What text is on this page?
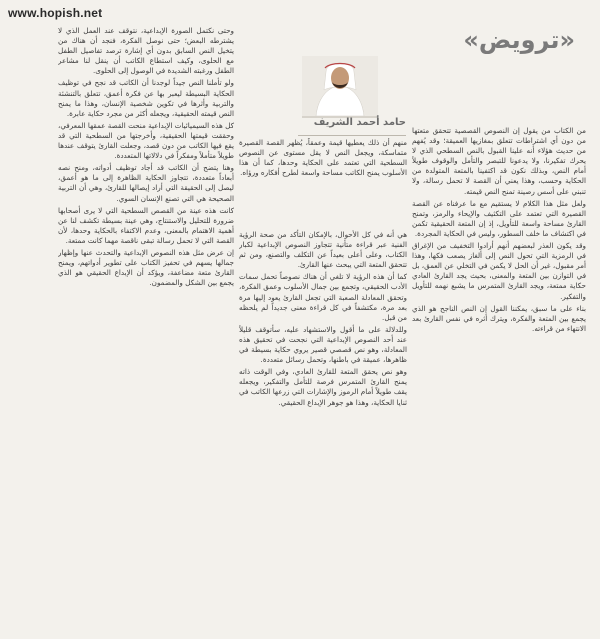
www.hopish.net
«ترويض»
حامد أحمد الشريف

من الكتاب من يقول إن النصوص القصصية تتحقق متعتها من دون أي اشتراطات تتعلق بمغازيها العميقة؛ وقد يُفهم من حديث هؤلاء أنه علينا القبول بالنص السطحي الذي لا يحرك تفكيرنا، ولا يدعونا للتبصر والتأمل والوقوف طويلاً أمام النص، وبذلك نكون قد اكتفينا بالمتعة المتولدة من الحكاية وحسب، وهذا يعني أن القصة لا تحمل رسالة، ولا تنبني على أسس رصينة تمنح النص قيمته.

ولعل مثل هذا الكلام لا يستقيم مع ما عرفناه عن القصة القصيرة التي تعتمد على التكثيف والإيحاء والرمز، وتمنح القارئ مساحة واسعة للتأويل، إذ إن المتعة الحقيقية تكمن في اكتشاف ما خلف السطور، وليس في الحكاية المجردة.

وقد يكون العذر لبعضهم أنهم أرادوا التخفيف من الإغراق في الرمزية التي تحول النص إلى ألغاز يصعب فكها، وهذا أمر مقبول، غير أن الحل لا يكمن في التخلي عن العمق، بل في التوازن بين المتعة والمعنى، بحيث يجد القارئ العادي حكاية ممتعة، ويجد القارئ المتمرس ما يشبع نهمه للتأويل والتفكير.

بناء على ما سبق، يمكننا القول إن النص الناجح هو الذي يجمع بين المتعة والفكرة، ويترك أثره في نفس القارئ بعد الانتهاء من قراءته.

منهم أن ذلك يعطيها قيمة وعمقاً، يُظهر القصة القصيرة متماسكة، ويجعل النص لا يقل مستوى عن النصوص السطحية التي تعتمد على الحكاية وحدها، كما أن هذا الأسلوب يمنح الكاتب مساحة واسعة لطرح أفكاره ورؤاه.

هي أنه في كل الأحوال، بالإمكان التأكد من صحة الرؤية الفنية عبر قراءة متأنية تتجاوز النصوص الإبداعية لكبار الكتاب، وعلى أعلى بعيداً عن التكلف والتصنع، ومن ثم تتحقق المتعة التي يبحث عنها القارئ.

كما أن هذه الرؤية لا تلغي أن هناك نصوصاً تحمل سمات الأدب الحقيقي، وتجمع بين جمال الأسلوب وعمق الفكرة، وتحقق المعادلة الصعبة التي تجعل القارئ يعود إليها مرة بعد مرة، مكتشفاً في كل قراءة معنى جديداً لم يلحظه من قبل.

وللدلالة على ما أقول والاستشهاد عليه، سأتوقف قليلاً عند أحد النصوص الإبداعية التي نجحت في تحقيق هذه المعادلة، وهو نص قصصي قصير يروي حكاية بسيطة في ظاهرها، عميقة في باطنها، وتحمل رسائل متعددة.

وهو نص يحقق المتعة للقارئ العادي، وفي الوقت ذاته يمنح القارئ المتمرس فرصة للتأمل والتفكير، ويجعله يقف طويلاً أمام الرموز والإشارات التي زرعها الكاتب في ثنايا الحكاية، وهذا هو جوهر الإبداع الحقيقي.

وحتى نكتمل الصورة الإبداعية، نتوقف عند العمل الذي لا يشترطه البعض؛ حتى نوصل الفكرة، فنجد أن هناك من يتخيل النص السابق بدون أي إشارة ترصد تفاصيل الطفل مع الحلوى، وكيف استطاع الكاتب أن ينقل لنا مشاعر الطفل ورغبته الشديدة في الوصول إلى الحلوى.

ولو تأملنا النص جيداً لوجدنا أن الكاتب قد نجح في توظيف الحكاية البسيطة ليعبر بها عن فكرة أعمق، تتعلق بالتنشئة والتربية وأثرها في تكوين شخصية الإنسان، وهذا ما يمنح النص قيمته الحقيقية، ويجعله أكثر من مجرد حكاية عابرة.

كل هذه السيميائيات الإبداعية منحت القصة عمقها المعرفي، وحققت قيمتها الحقيقية، وأخرجتها من السطحية التي قد يقع فيها الكاتب من دون قصد، وجعلت القارئ يتوقف عندها طويلاً متأملاً ومفكراً في دلالاتها المتعددة.

وهنا يتضح أن الكاتب قد أجاد توظيف أدواته، ومنح نصه أبعاداً متعددة، تتجاوز الحكاية الظاهرة إلى ما هو أعمق، ليصل إلى الحقيقة التي أراد إيصالها للقارئ، وهي أن التربية الصحيحة هي التي تصنع الإنسان السوي.

كانت هذه عينة من القصص السطحية التي لا يرى أصحابها ضرورة للتحليل والاستنتاج، وهي عينة بسيطة تكشف لنا عن أهمية الاهتمام بالمعنى، وعدم الاكتفاء بالحكاية وحدها، لأن القصة التي لا تحمل رسالة تبقى ناقصة مهما كانت ممتعة.

إن عرض مثل هذه النصوص الإبداعية والتحدث عنها وإظهار جمالها يسهم في تحفيز الكتاب على تطوير أدواتهم، ويمنح القارئ متعة مضاعفة، ويؤكد أن الإبداع الحقيقي هو الذي يجمع بين الشكل والمضمون.
